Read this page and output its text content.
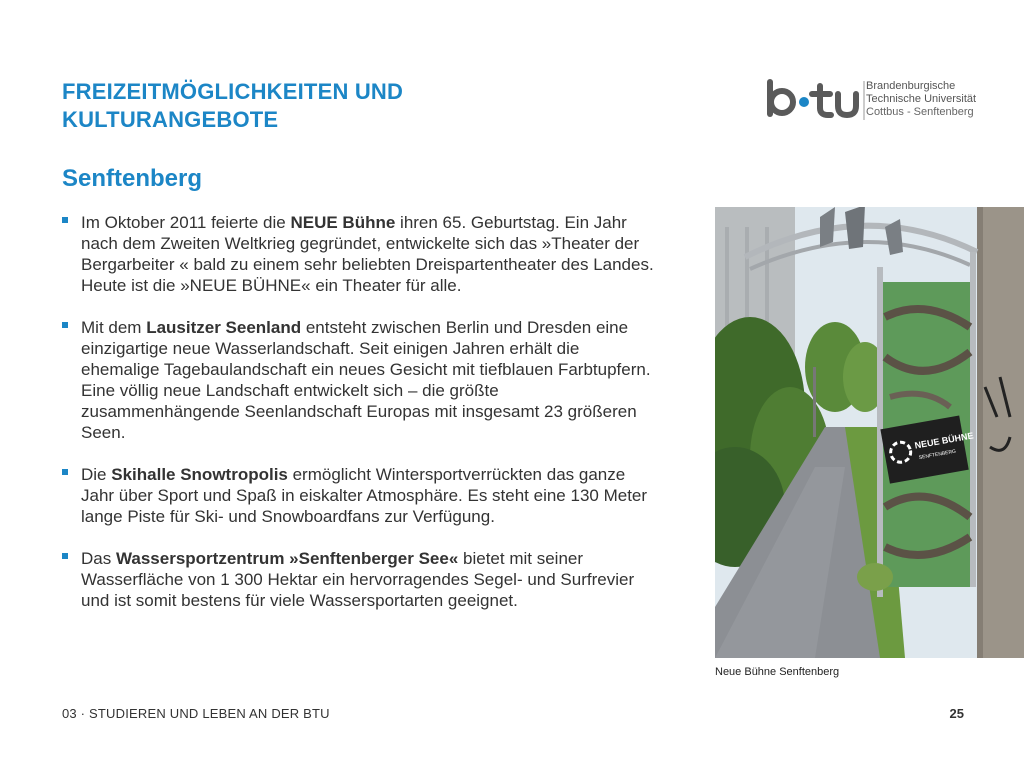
FREIZEITMÖGLICHKEITEN UND
KULTURANGEBOTE
Senftenberg
Brandenburgische
Technische Universität
Cottbus - Senftenberg
Im Oktober 2011 feierte die NEUE Bühne ihren 65. Geburtstag. Ein Jahr nach dem Zweiten Weltkrieg gegründet, entwickelte sich das »Theater der Bergarbeiter « bald zu einem sehr beliebten Dreispartentheater des Landes. Heute ist die »NEUE BÜHNE« ein Theater für alle.
Mit dem Lausitzer Seenland entsteht zwischen Berlin und Dresden eine einzigartige neue Wasserlandschaft. Seit einigen Jahren erhält die ehemalige Tagebaulandschaft ein neues Gesicht mit tiefblauen Farbtupfern. Eine völlig neue Landschaft entwickelt sich – die größte zusammenhängende Seenlandschaft Europas mit insgesamt 23 größeren Seen.
Die Skihalle Snowtropolis ermöglicht Wintersportverrückten das ganze Jahr über Sport und Spaß in eiskalter Atmosphäre. Es steht eine 130 Meter lange Piste für Ski- und Snowboardfans zur Verfügung.
Das Wassersportzentrum »Senftenberger See« bietet mit seiner Wasserfläche von 1 300 Hektar ein hervorragendes Segel- und Surfrevier und ist somit bestens für viele Wassersportarten geeignet.
NEUE BÜHNE
SENFTENBERG
Neue Bühne Senftenberg
03 · STUDIEREN UND LEBEN AN DER BTU	25
